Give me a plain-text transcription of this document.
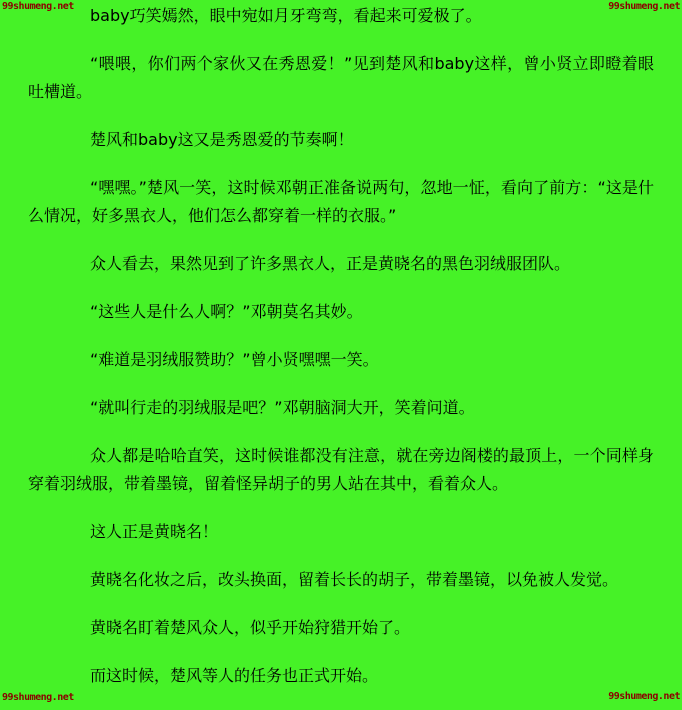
99shumeng.net	99shumeng.net

baby巧笑嫣然，眼中宛如月牙弯弯，看起来可爱极了。

“喂喂，你们两个家伙又在秀恩爱！”见到楚风和baby这样，曾小贤立即瞪着眼吐槽道。

楚风和baby这又是秀恩爱的节奏啊！

“嘿嘿。”楚风一笑，这时候邓朝正准备说两句，忽地一怔，看向了前方：“这是什么情况，好多黑衣人，他们怎么都穿着一样的衣服。”

众人看去，果然见到了许多黑衣人，正是黄晓名的黑色羽绒服团队。

“这些人是什么人啊？”邓朝莫名其妙。

“难道是羽绒服赞助？”曾小贤嘿嘿一笑。

“就叫行走的羽绒服是吧？”邓朝脑洞大开，笑着问道。

众人都是哈哈直笑，这时候谁都没有注意，就在旁边阁楼的最顶上，一个同样身穿着羽绒服，带着墨镜，留着怪异胡子的男人站在其中，看着众人。

这人正是黄晓名！

黄晓名化妆之后，改头换面，留着长长的胡子，带着墨镜，以免被人发觉。

黄晓名盯着楚风众人，似乎开始狩猎开始了。

而这时候，楚风等人的任务也正式开始。

99shumeng.net	99shumeng.net
